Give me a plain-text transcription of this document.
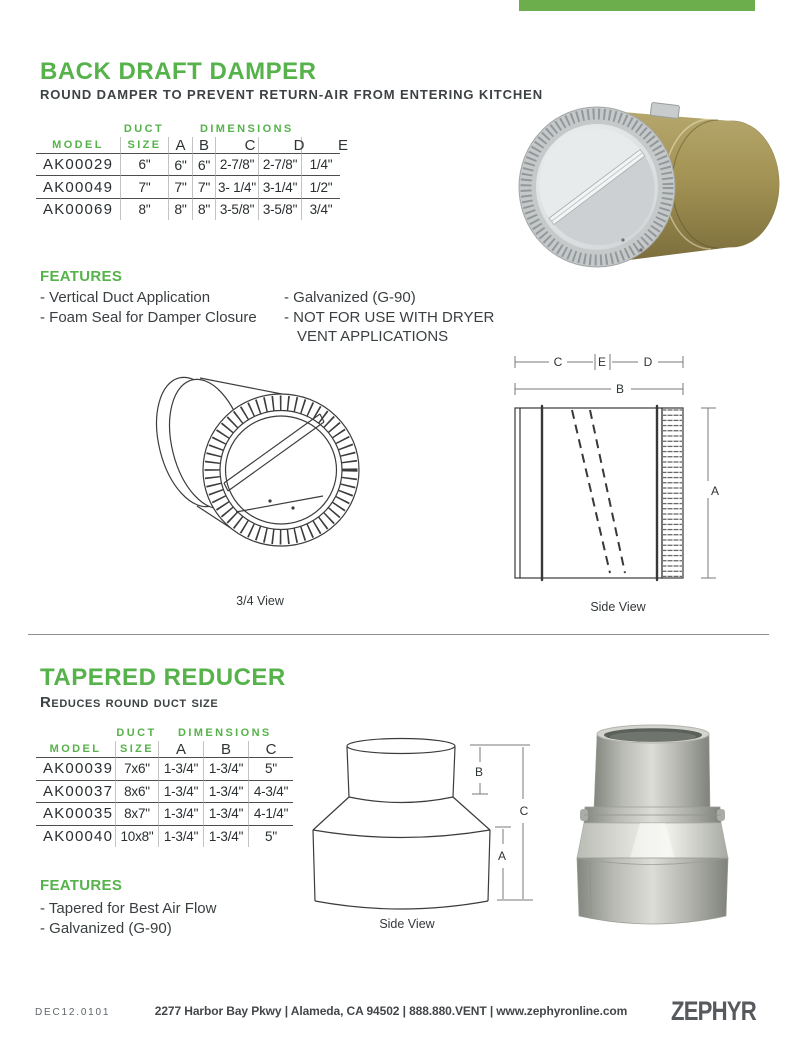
BACK DRAFT DAMPER
ROUND DAMPER TO PREVENT RETURN-AIR FROM ENTERING KITCHEN
DUCT	DIMENSIONS
MODEL	SIZE A B	C	D E
AK00029	6"	6" 6" 2-7/8" 2-7/8" 1/4"
AK00049	7"	7" 7" 3- 1/4" 3-1/4" 1/2"
AK00069	8"	8" 8" 3-5/8" 3-5/8" 3/4"
FEATURES
- Vertical Duct Application
- Foam Seal for Damper Closure
- Galvanized (G-90)
- NOT FOR USE WITH DRYER
VENT APPLICATIONS
3/4 View
C	E	D
B
A
Side View
TAPERED REDUCER
Reduces round duct size
DUCT	DIMENSIONS
MODEL	SIZE	A	B	C
AK00039 7x6"	1-3/4" 1-3/4"	5"
AK00037 8x6"	1-3/4" 1-3/4" 4-3/4"
AK00035 8x7"	1-3/4" 1-3/4" 4-1/4"
AK00040 10x8" 1-3/4" 1-3/4"	5"
B
C
A
Side View
FEATURES
- Tapered for Best Air Flow
- Galvanized (G-90)
DEC12.0101	2277 Harbor Bay Pkwy | Alameda, CA 94502 | 888.880.VENT | www.zephyronline.com	ZEPHYR
